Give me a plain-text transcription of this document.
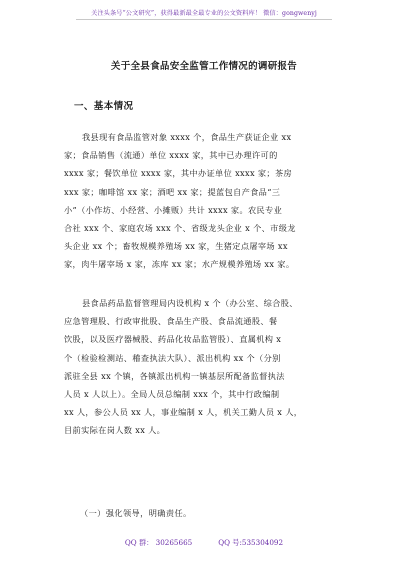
关注头条号“公文研究”，获得最新最全最专业的公文资料库！ 微信：gongwenyj
关于全县食品安全监管工作情况的调研报告
一、基本情况
我县现有食品监管对象 xxxx 个，食品生产获证企业 xx
家；食品销售（流通）单位 xxxx 家，其中已办理许可的
xxxx 家；餐饮单位 xxxx 家，其中办证单位 xxxx 家；茶房
xxx 家；咖啡馆 xx 家；酒吧 xx 家；提蓝包自产食品“三
小”（小作坊、小经营、小摊贩）共计 xxxx 家。农民专业
合社 xxx 个、家庭农场 xxx 个、省级龙头企业 x 个、市级龙
头企业 xx 个；畜牧规模养殖场 xx 家，生猪定点屠宰场 xx
家，肉牛屠宰场 x 家，冻库 xx 家；水产规模养殖场 xx 家。
县食品药品监督管理局内设机构 x 个（办公室、综合股、
应急管理股、行政审批股、食品生产股、食品流通股、餐
饮股，以及医疗器械股、药品化妆品监管股）、直属机构 x
个（检验检测站、稽查执法大队）、派出机构 xx 个（分别
派驻全县 xx 个镇，各镇派出机构一镇基层所配备监督执法
人员 x 人以上）。全局人员总编制 xxx 个，其中行政编制
xx 人，参公人员 xx 人，事业编制 x 人，机关工勤人员 x 人，
目前实际在岗人数 xx 人。
（一）强化领导，明确责任。
QQ 群： 30265665	QQ 号:535304092
